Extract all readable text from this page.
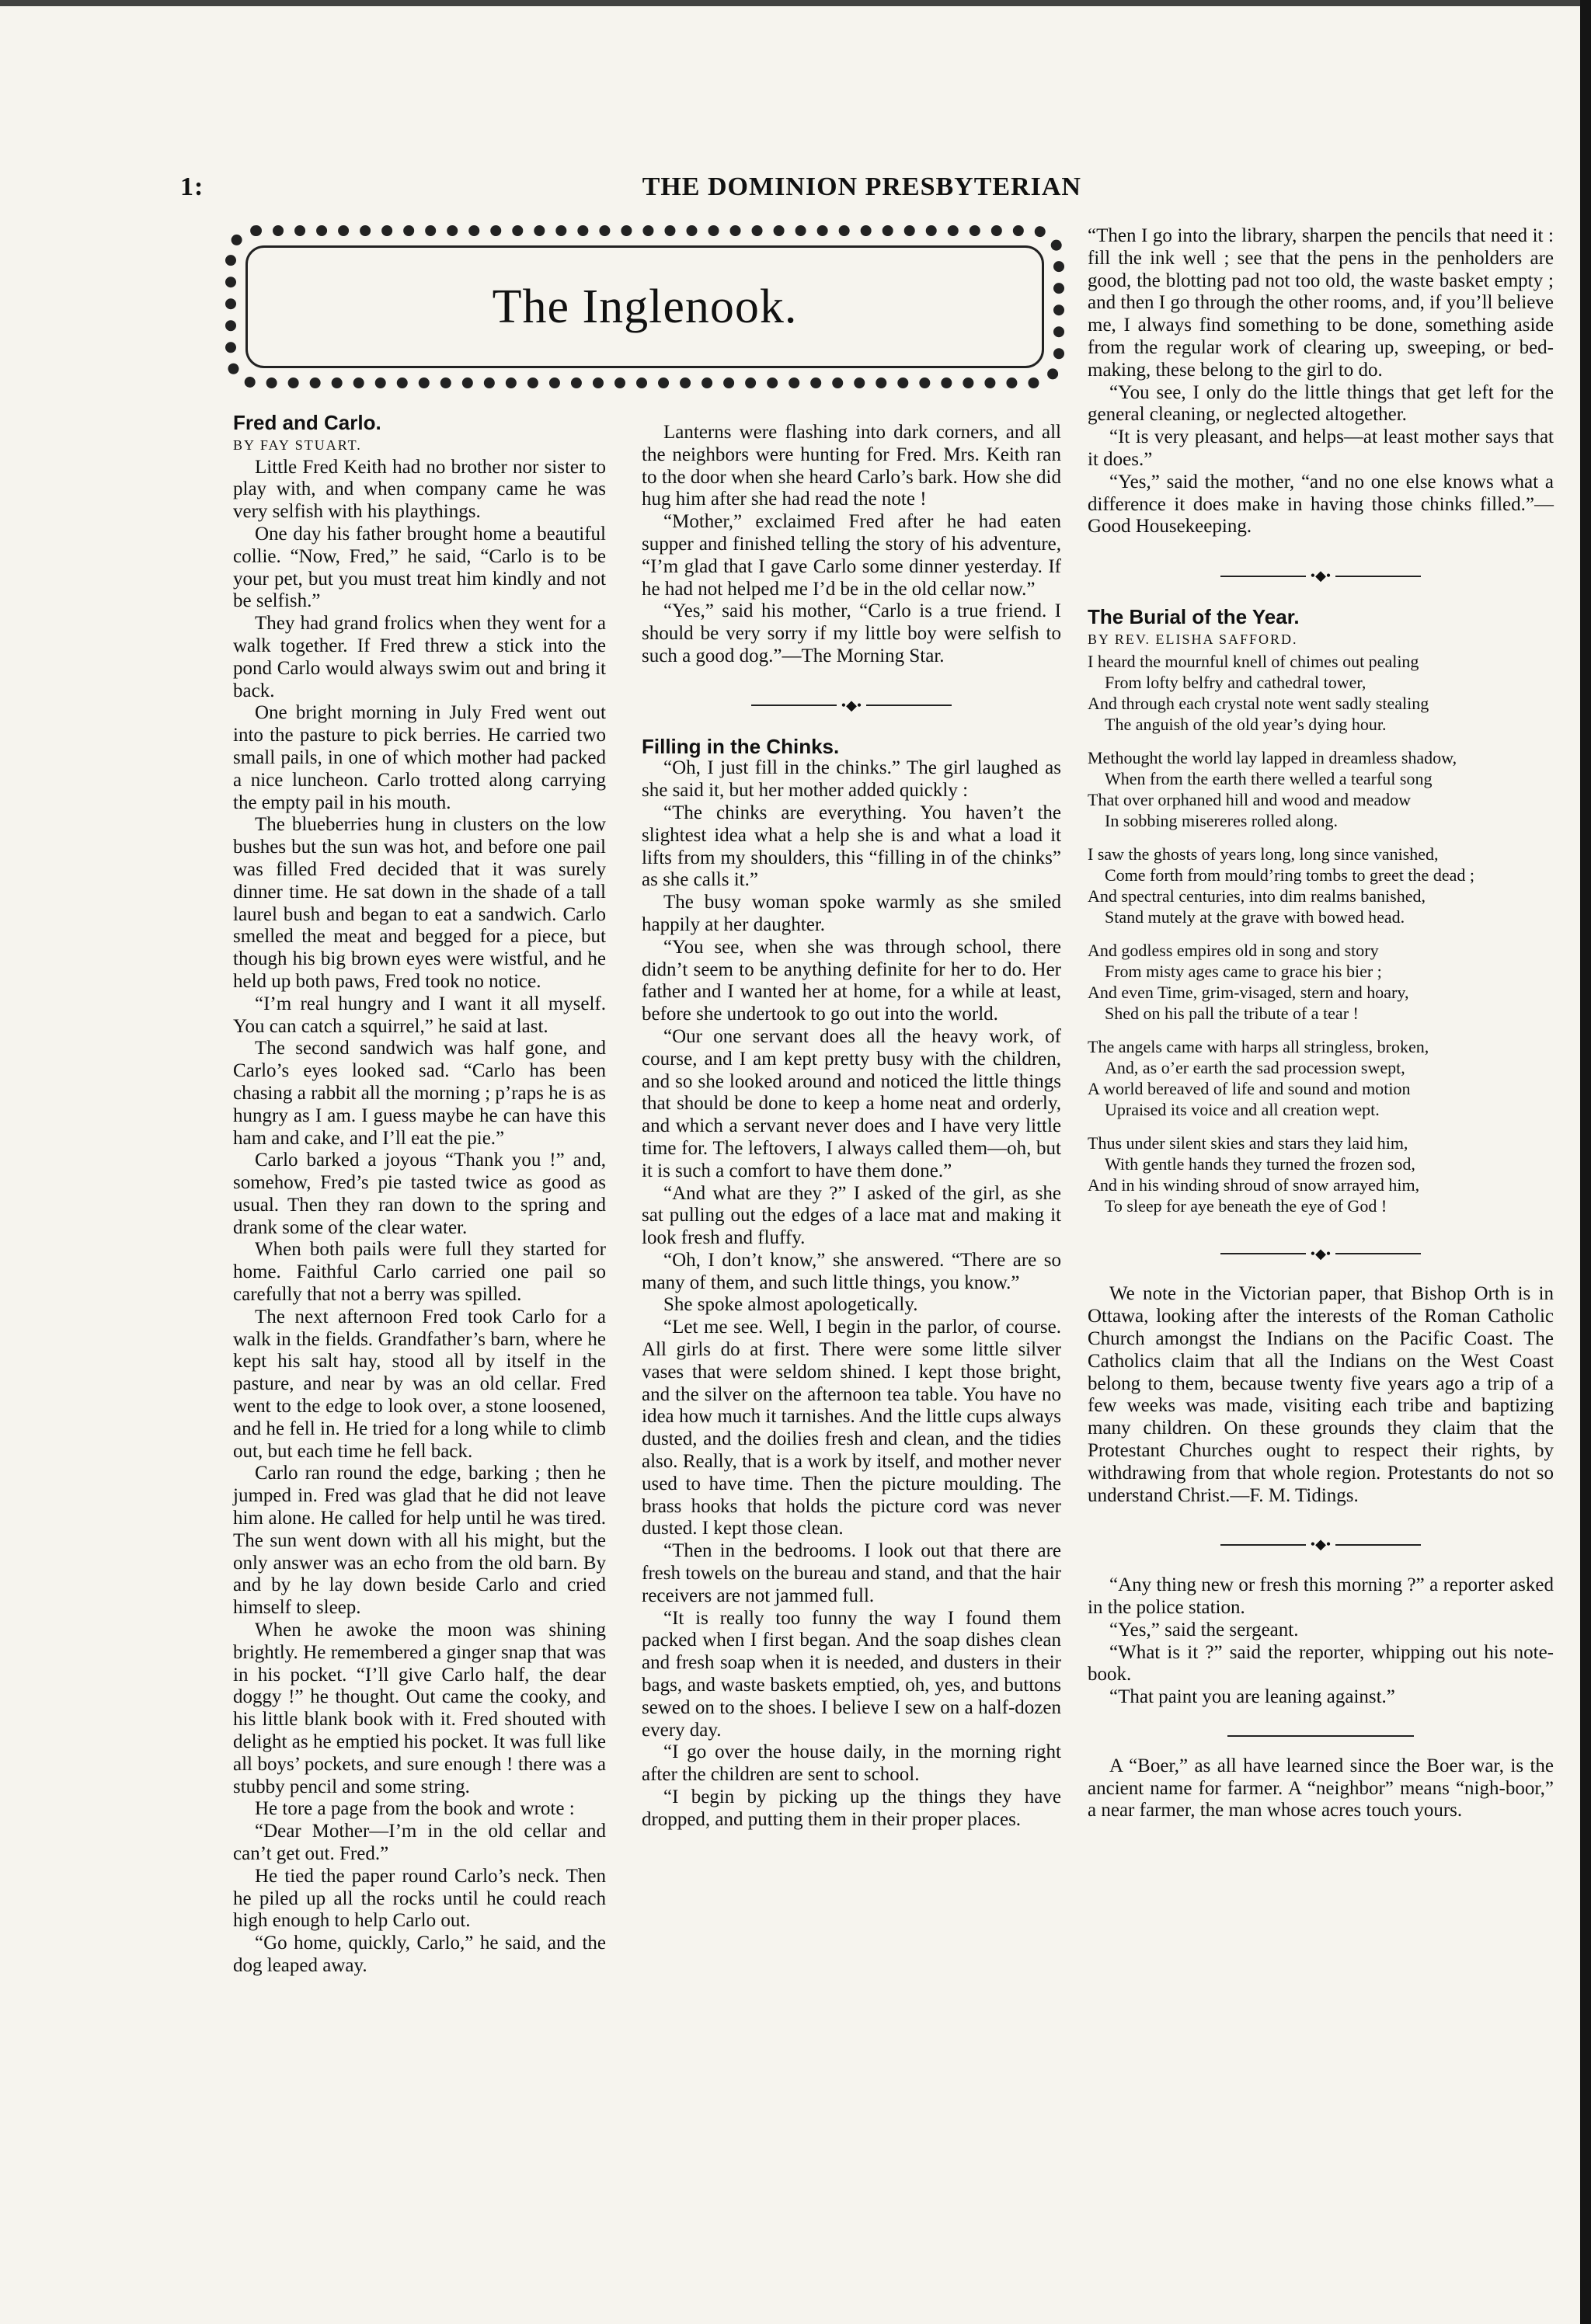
1:	THE DOMINION PRESBYTERIAN
The Inglenook.

Fred and Carlo.

BY FAY STUART.

Little Fred Keith had no brother nor sister to play with, and when company came he was very selfish with his playthings.

One day his father brought home a beautiful collie. “Now, Fred,” he said, “Carlo is to be your pet, but you must treat him kindly and not be selfish.”

They had grand frolics when they went for a walk together. If Fred threw a stick into the pond Carlo would always swim out and bring it back.

One bright morning in July Fred went out into the pasture to pick berries. He carried two small pails, in one of which mother had packed a nice luncheon. Carlo trotted along carrying the empty pail in his mouth.

The blueberries hung in clusters on the low bushes but the sun was hot, and before one pail was filled Fred decided that it was surely dinner time. He sat down in the shade of a tall laurel bush and began to eat a sandwich. Carlo smelled the meat and begged for a piece, but though his big brown eyes were wistful, and he held up both paws, Fred took no notice.

“I’m real hungry and I want it all myself. You can catch a squirrel,” he said at last.

The second sandwich was half gone, and Carlo’s eyes looked sad. “Carlo has been chasing a rabbit all the morning ; p’raps he is as hungry as I am. I guess maybe he can have this ham and cake, and I’ll eat the pie.”

Carlo barked a joyous “Thank you !” and, somehow, Fred’s pie tasted twice as good as usual. Then they ran down to the spring and drank some of the clear water.

When both pails were full they started for home. Faithful Carlo carried one pail so carefully that not a berry was spilled.

The next afternoon Fred took Carlo for a walk in the fields. Grandfather’s barn, where he kept his salt hay, stood all by itself in the pasture, and near by was an old cellar. Fred went to the edge to look over, a stone loosened, and he fell in. He tried for a long while to climb out, but each time he fell back.

Carlo ran round the edge, barking ; then he jumped in. Fred was glad that he did not leave him alone. He called for help until he was tired. The sun went down with all his might, but the only answer was an echo from the old barn. By and by he lay down beside Carlo and cried himself to sleep.

When he awoke the moon was shining brightly. He remembered a ginger snap that was in his pocket. “I’ll give Carlo half, the dear doggy !” he thought. Out came the cooky, and his little blank book with it. Fred shouted with delight as he emptied his pocket. It was full like all boys’ pockets, and sure enough ! there was a stubby pencil and some string.

He tore a page from the book and wrote :

“Dear Mother—I’m in the old cellar and can’t get out. Fred.”

He tied the paper round Carlo’s neck. Then he piled up all the rocks until he could reach high enough to help Carlo out.

“Go home, quickly, Carlo,” he said, and the dog leaped away.

Lanterns were flashing into dark corners, and all the neighbors were hunting for Fred. Mrs. Keith ran to the door when she heard Carlo’s bark. How she did hug him after she had read the note !

“Mother,” exclaimed Fred after he had eaten supper and finished telling the story of his adventure, “I’m glad that I gave Carlo some dinner yesterday. If he had not helped me I’d be in the old cellar now.”

“Yes,” said his mother, “Carlo is a true friend. I should be very sorry if my little boy were selfish to such a good dog.”—The Morning Star.

•◆•

Filling in the Chinks.

“Oh, I just fill in the chinks.” The girl laughed as she said it, but her mother added quickly :

“The chinks are everything. You haven’t the slightest idea what a help she is and what a load it lifts from my shoulders, this “filling in of the chinks” as she calls it.”

The busy woman spoke warmly as she smiled happily at her daughter.

“You see, when she was through school, there didn’t seem to be anything definite for her to do. Her father and I wanted her at home, for a while at least, before she undertook to go out into the world.

“Our one servant does all the heavy work, of course, and I am kept pretty busy with the children, and so she looked around and noticed the little things that should be done to keep a home neat and orderly, and which a servant never does and I have very little time for. The leftovers, I always called them—oh, but it is such a comfort to have them done.”

“And what are they ?” I asked of the girl, as she sat pulling out the edges of a lace mat and making it look fresh and fluffy.

“Oh, I don’t know,” she answered. “There are so many of them, and such little things, you know.”

She spoke almost apologetically.

“Let me see. Well, I begin in the parlor, of course. All girls do at first. There were some little silver vases that were seldom shined. I kept those bright, and the silver on the afternoon tea table. You have no idea how much it tarnishes. And the little cups always dusted, and the doilies fresh and clean, and the tidies also. Really, that is a work by itself, and mother never used to have time. Then the picture moulding. The brass hooks that holds the picture cord was never dusted. I kept those clean.

“Then in the bedrooms. I look out that there are fresh towels on the bureau and stand, and that the hair receivers are not jammed full.

“It is really too funny the way I found them packed when I first began. And the soap dishes clean and fresh soap when it is needed, and dusters in their bags, and waste baskets emptied, oh, yes, and buttons sewed on to the shoes. I believe I sew on a half-dozen every day.

“I go over the house daily, in the morning right after the children are sent to school.

“I begin by picking up the things they have dropped, and putting them in their proper places.

“Then I go into the library, sharpen the pencils that need it : fill the ink well ; see that the pens in the penholders are good, the blotting pad not too old, the waste basket empty ; and then I go through the other rooms, and, if you’ll believe me, I always find something to be done, something aside from the regular work of clearing up, sweeping, or bed-making, these belong to the girl to do.

“You see, I only do the little things that get left for the general cleaning, or neglected altogether.

“It is very pleasant, and helps—at least mother says that it does.”

“Yes,” said the mother, “and no one else knows what a difference it does make in having those chinks filled.”—Good Housekeeping.

•◆•

The Burial of the Year.

BY REV. ELISHA SAFFORD.

I heard the mournful knell of chimes out pealing
From lofty belfry and cathedral tower,
And through each crystal note went sadly stealing
The anguish of the old year’s dying hour.
Methought the world lay lapped in dreamless shadow,
When from the earth there welled a tearful song
That over orphaned hill and wood and meadow
In sobbing misereres rolled along.
I saw the ghosts of years long, long since vanished,
Come forth from mould’ring tombs to greet the dead ;
And spectral centuries, into dim realms banished,
Stand mutely at the grave with bowed head.
And godless empires old in song and story
From misty ages came to grace his bier ;
And even Time, grim-visaged, stern and hoary,
Shed on his pall the tribute of a tear !
The angels came with harps all stringless, broken,
And, as o’er earth the sad procession swept,
A world bereaved of life and sound and motion
Upraised its voice and all creation wept.
Thus under silent skies and stars they laid him,
With gentle hands they turned the frozen sod,
And in his winding shroud of snow arrayed him,
To sleep for aye beneath the eye of God !
•◆•

We note in the Victorian paper, that Bishop Orth is in Ottawa, looking after the interests of the Roman Catholic Church amongst the Indians on the Pacific Coast. The Catholics claim that all the Indians on the West Coast belong to them, because twenty five years ago a trip of a few weeks was made, visiting each tribe and baptizing many children. On these grounds they claim that the Protestant Churches ought to respect their rights, by withdrawing from that whole region. Protestants do not so understand Christ.—F. M. Tidings.

•◆•

“Any thing new or fresh this morning ?” a reporter asked in the police station.

“Yes,” said the sergeant.

“What is it ?” said the reporter, whipping out his note-book.

“That paint you are leaning against.”

A “Boer,” as all have learned since the Boer war, is the ancient name for farmer. A “neighbor” means “nigh-boor,” a near farmer, the man whose acres touch yours.
